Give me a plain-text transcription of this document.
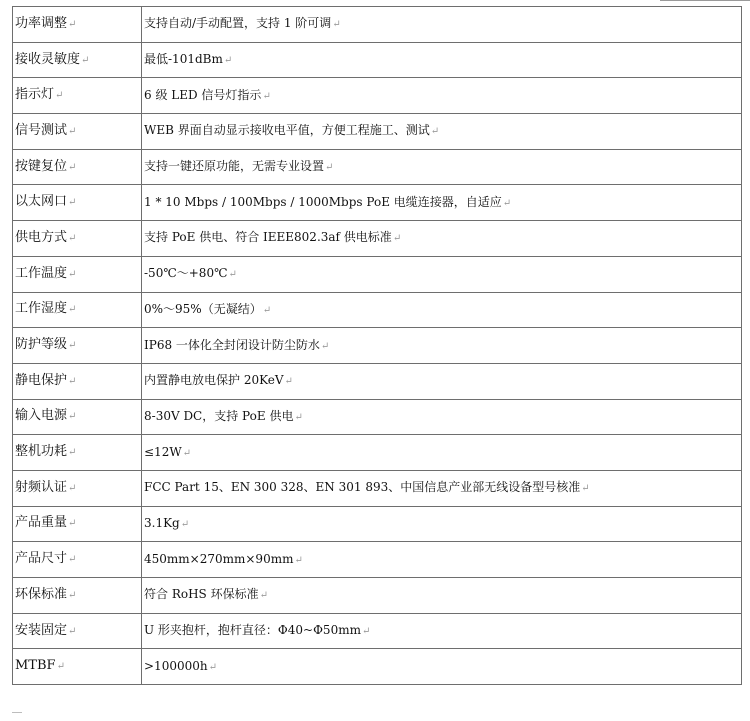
功率调整↵	支持自动/手动配置，支持 1 阶可调↵
接收灵敏度↵	最低-101dBm↵
指示灯↵	6 级 LED 信号灯指示↵
信号测试↵	WEB 界面自动显示接收电平值，方便工程施工、测试↵
按键复位↵	支持一键还原功能，无需专业设置↵
以太网口↵	1 * 10 Mbps / 100Mbps / 1000Mbps PoE 电缆连接器，自适应↵
供电方式↵	支持 PoE 供电、符合 IEEE802.3af 供电标准↵
工作温度↵	-50℃～+80℃↵
工作湿度↵	0%～95%（无凝结）↵
防护等级↵	IP68 一体化全封闭设计防尘防水↵
静电保护↵	内置静电放电保护 20KeV↵
输入电源↵	8-30V DC，支持 PoE 供电↵
整机功耗↵	≤12W↵
射频认证↵	FCC Part 15、EN 300 328、EN 301 893、中国信息产业部无线设备型号核准↵
产品重量↵	3.1Kg↵
产品尺寸↵	450mm×270mm×90mm↵
环保标准↵	符合 RoHS 环保标准↵
安装固定↵	U 形夹抱杆，抱杆直径：Φ40~Φ50mm↵
MTBF↵	>100000h↵
